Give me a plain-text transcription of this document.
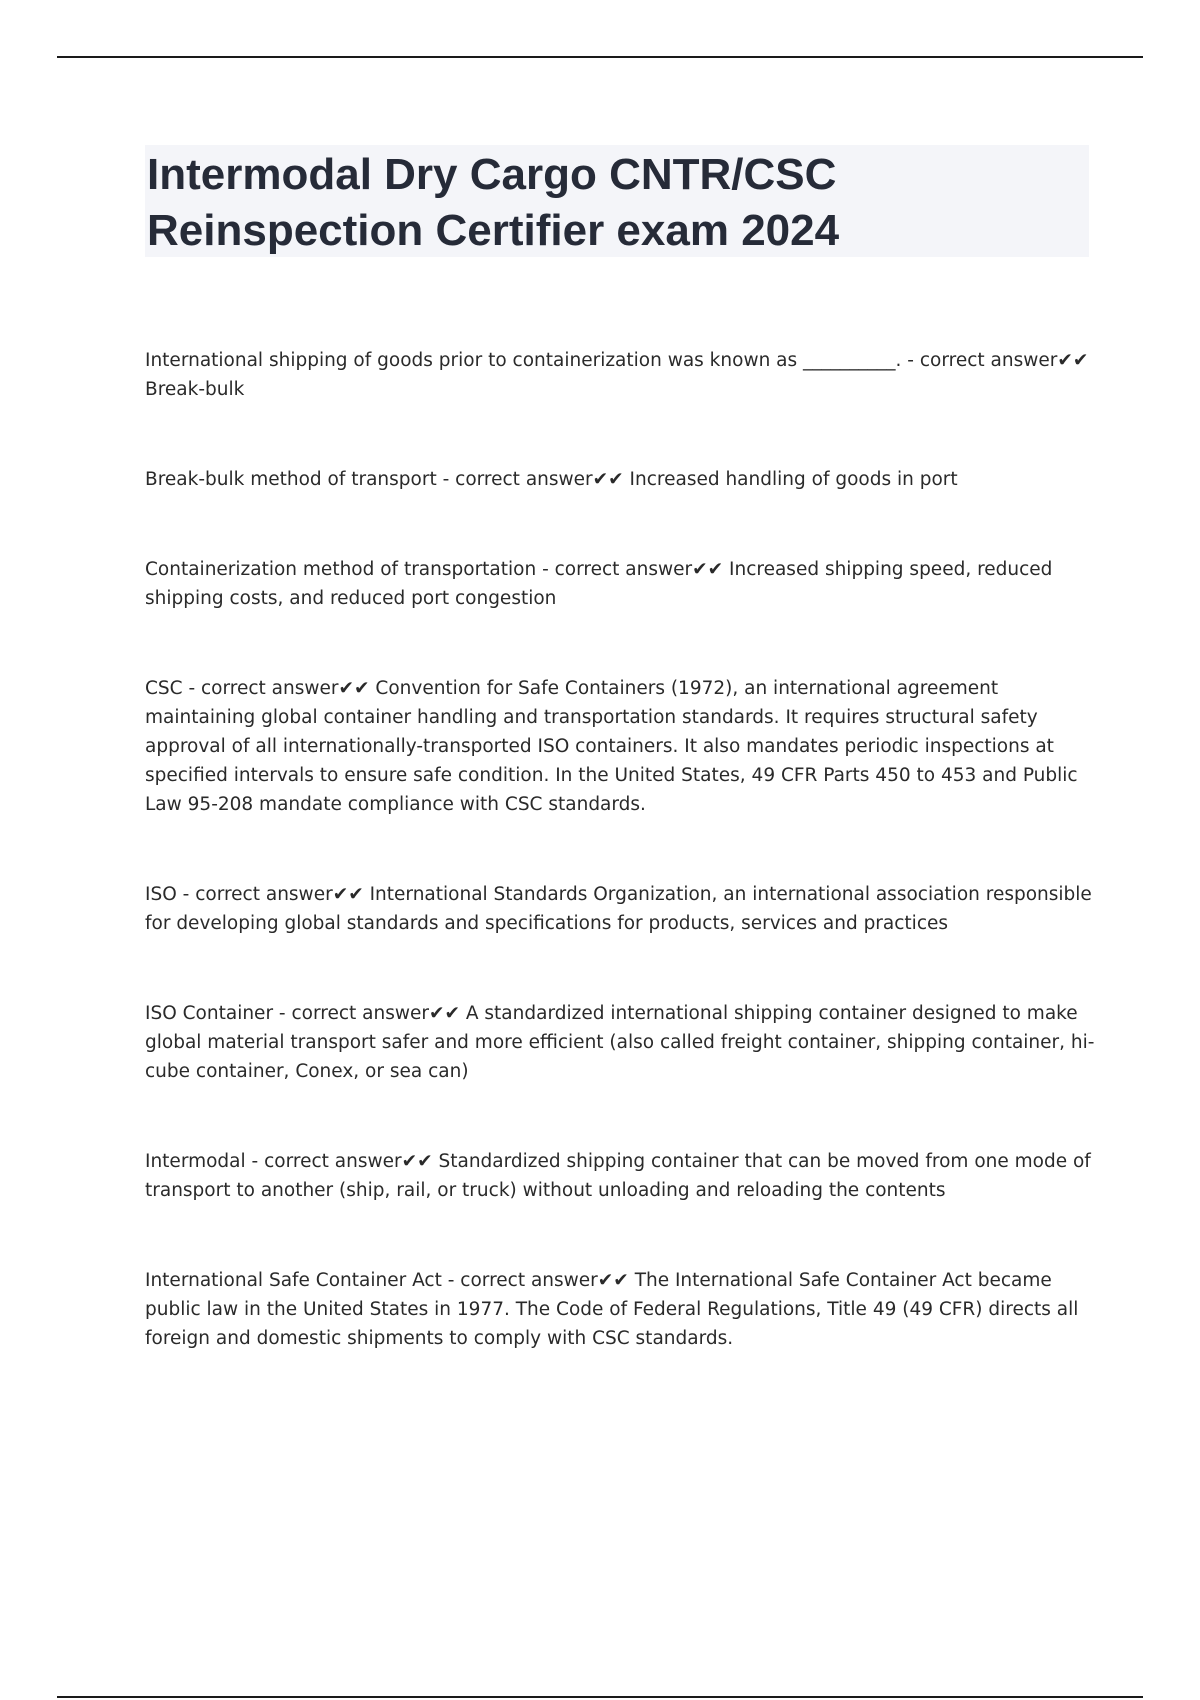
Intermodal Dry Cargo CNTR/CSC
Reinspection Certifier exam 2024

International shipping of goods prior to containerization was known as __________. - correct answer✔✔ Break-bulk

Break-bulk method of transport - correct answer✔✔ Increased handling of goods in port

Containerization method of transportation - correct answer✔✔ Increased shipping speed, reduced shipping costs, and reduced port congestion

CSC - correct answer✔✔ Convention for Safe Containers (1972), an international agreement maintaining global container handling and transportation standards. It requires structural safety approval of all internationally-transported ISO containers. It also mandates periodic inspections at specified intervals to ensure safe condition. In the United States, 49 CFR Parts 450 to 453 and Public Law 95-208 mandate compliance with CSC standards.

ISO - correct answer✔✔ International Standards Organization, an international association responsible for developing global standards and specifications for products, services and practices

ISO Container - correct answer✔✔ A standardized international shipping container designed to make global material transport safer and more efficient (also called freight container, shipping container, hi-cube container, Conex, or sea can)

Intermodal - correct answer✔✔ Standardized shipping container that can be moved from one mode of transport to another (ship, rail, or truck) without unloading and reloading the contents

International Safe Container Act - correct answer✔✔ The International Safe Container Act became public law in the United States in 1977. The Code of Federal Regulations, Title 49 (49 CFR) directs all foreign and domestic shipments to comply with CSC standards.
